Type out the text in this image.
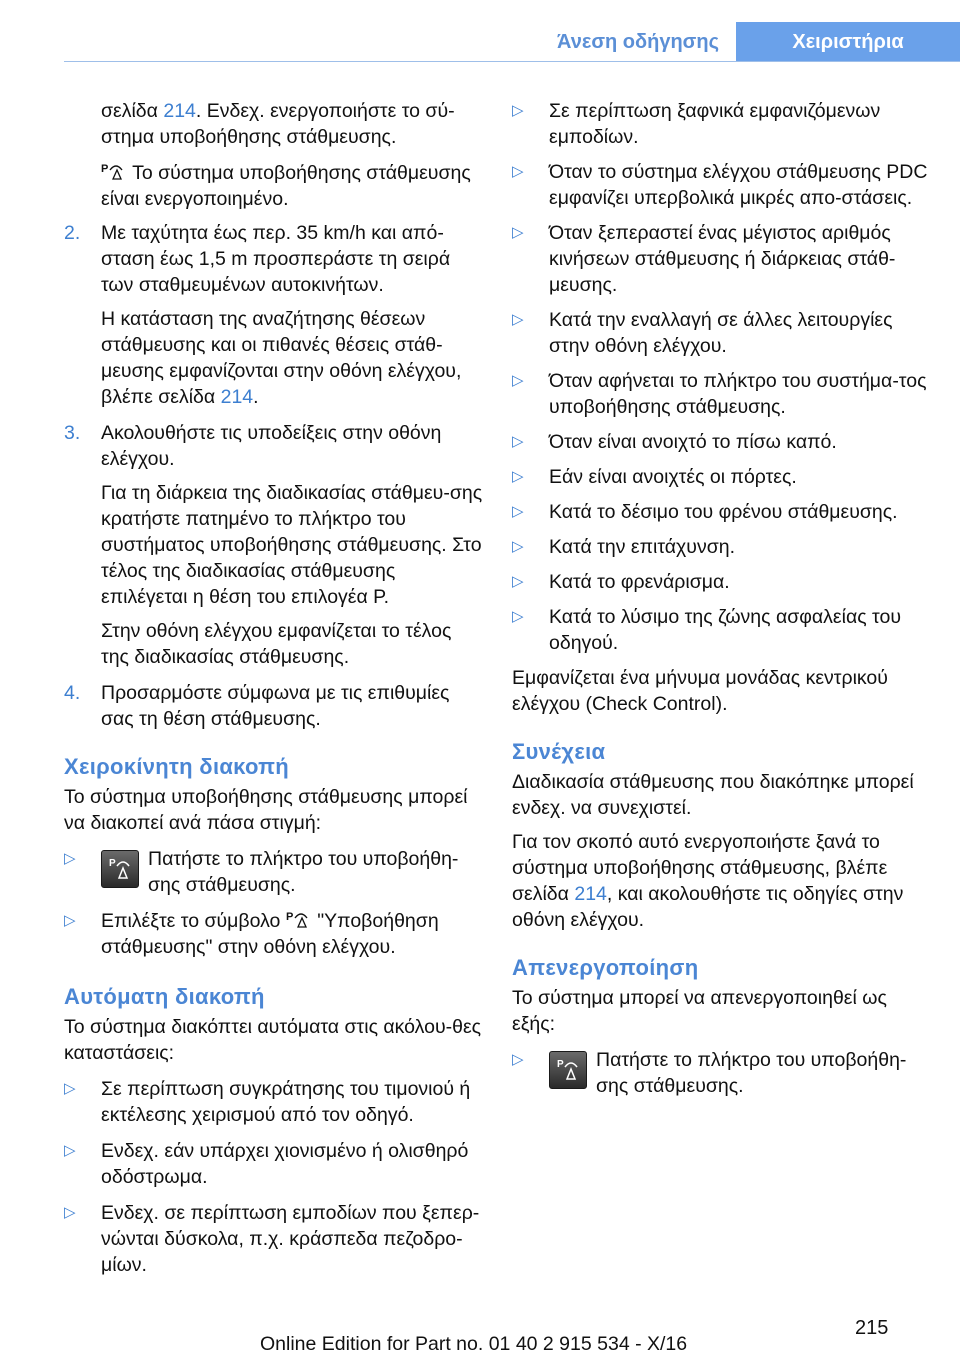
Άνεση οδήγησης	Χειριστήρια

σελίδα 214. Ενδεχ. ενεργοποιήστε το σύ-στημα υποβοήθησης στάθμευσης.

P Το σύστημα υποβοήθησης στάθμευσης είναι ενεργοποιημένο.

2. Με ταχύτητα έως περ. 35 km/h και από-σταση έως 1,5 m προσπεράστε τη σειρά των σταθμευμένων αυτοκινήτων.

Η κατάσταση της αναζήτησης θέσεων στάθμευσης και οι πιθανές θέσεις στάθ-μευσης εμφανίζονται στην οθόνη ελέγχου, βλέπε σελίδα 214.

3. Ακολουθήστε τις υποδείξεις στην οθόνη ελέγχου.

Για τη διάρκεια της διαδικασίας στάθμευ-σης κρατήστε πατημένο το πλήκτρο του συστήματος υποβοήθησης στάθμευσης. Στο τέλος της διαδικασίας στάθμευσης επιλέγεται η θέση του επιλογέα P.

Στην οθόνη ελέγχου εμφανίζεται το τέλος της διαδικασίας στάθμευσης.

4. Προσαρμόστε σύμφωνα με τις επιθυμίες σας τη θέση στάθμευσης.

Χειροκίνητη διακοπή

Το σύστημα υποβοήθησης στάθμευσης μπορεί να διακοπεί ανά πάσα στιγμή:

▷	P Πατήστε το πλήκτρο του υποβοήθη-σης στάθμευσης.

▷ Επιλέξτε το σύμβολο P "Υποβοήθηση στάθμευσης" στην οθόνη ελέγχου.

Αυτόματη διακοπή

Το σύστημα διακόπτει αυτόματα στις ακόλου-θες καταστάσεις:

▷ Σε περίπτωση συγκράτησης του τιμονιού ή εκτέλεσης χειρισμού από τον οδηγό.

▷ Ενδεχ. εάν υπάρχει χιονισμένο ή ολισθηρό οδόστρωμα.

▷ Ενδεχ. σε περίπτωση εμποδίων που ξεπερ-νώνται δύσκολα, π.χ. κράσπεδα πεζοδρο-μίων.

▷ Σε περίπτωση ξαφνικά εμφανιζόμενων εμποδίων.

▷ Όταν το σύστημα ελέγχου στάθμευσης PDC εμφανίζει υπερβολικά μικρές απο-στάσεις.

▷ Όταν ξεπεραστεί ένας μέγιστος αριθμός κινήσεων στάθμευσης ή διάρκειας στάθ-μευσης.

▷ Κατά την εναλλαγή σε άλλες λειτουργίες στην οθόνη ελέγχου.

▷ Όταν αφήνεται το πλήκτρο του συστήμα-τος υποβοήθησης στάθμευσης.

▷ Όταν είναι ανοιχτό το πίσω καπό.

▷ Εάν είναι ανοιχτές οι πόρτες.

▷ Κατά το δέσιμο του φρένου στάθμευσης.

▷ Κατά την επιτάχυνση.

▷ Κατά το φρενάρισμα.

▷ Κατά το λύσιμο της ζώνης ασφαλείας του οδηγού.

Εμφανίζεται ένα μήνυμα μονάδας κεντρικού ελέγχου (Check Control).

Συνέχεια

Διαδικασία στάθμευσης που διακόπηκε μπορεί ενδεχ. να συνεχιστεί.

Για τον σκοπό αυτό ενεργοποιήστε ξανά το σύστημα υποβοήθησης στάθμευσης, βλέπε σελίδα 214, και ακολουθήστε τις οδηγίες στην οθόνη ελέγχου.

Απενεργοποίηση

Το σύστημα μπορεί να απενεργοποιηθεί ως εξής:

▷	P Πατήστε το πλήκτρο του υποβοήθη-σης στάθμευσης.

215
Online Edition for Part no. 01 40 2 915 534 - X/16
